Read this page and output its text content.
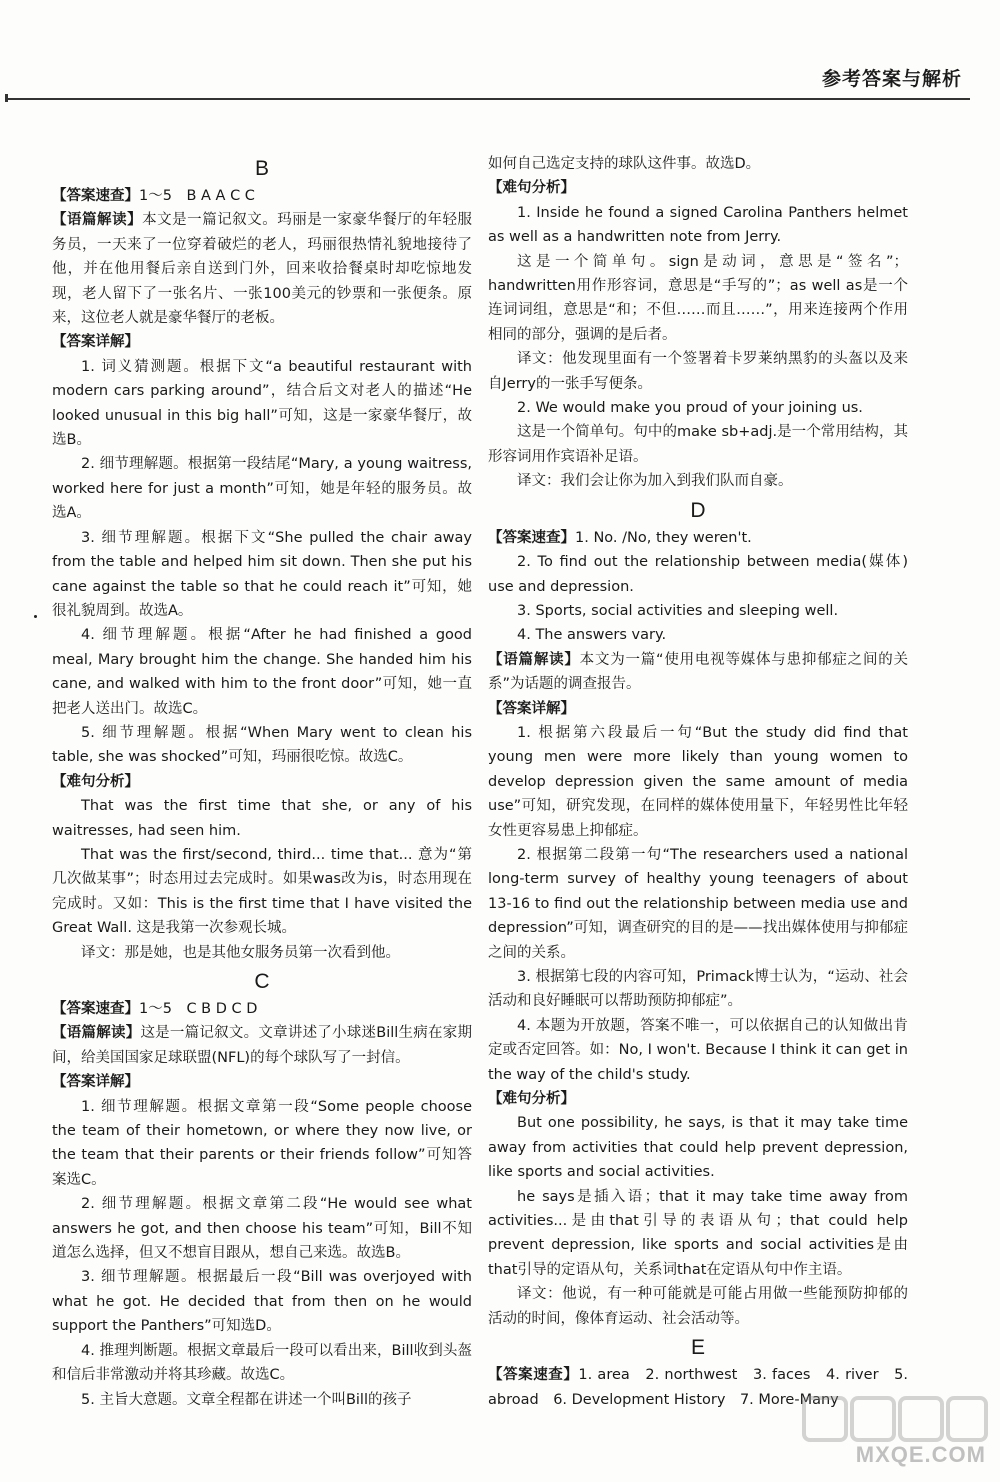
参考答案与解析
B
【答案速查】1～5　B A A C C
【语篇解读】本文是一篇记叙文。玛丽是一家豪华餐厅的年轻服务员，一天来了一位穿着破烂的老人，玛丽很热情礼貌地接待了他，并在他用餐后亲自送到门外，回来收拾餐桌时却吃惊地发现，老人留下了一张名片、一张100美元的钞票和一张便条。原来，这位老人就是豪华餐厅的老板。
【答案详解】
1. 词义猜测题。根据下文“a beautiful restaurant with modern cars parking around”，结合后文对老人的描述“He looked unusual in this big hall”可知，这是一家豪华餐厅，故选B。
2. 细节理解题。根据第一段结尾“Mary, a young waitress, worked here for just a month”可知，她是年轻的服务员。故选A。
3. 细节理解题。根据下文“She pulled the chair away from the table and helped him sit down. Then she put his cane against the table so that he could reach it”可知，她很礼貌周到。故选A。
4. 细节理解题。根据“After he had finished a good meal, Mary brought him the change. She handed him his cane, and walked with him to the front door”可知，她一直把老人送出门。故选C。
5. 细节理解题。根据“When Mary went to clean his table, she was shocked”可知，玛丽很吃惊。故选C。
【难句分析】
That was the first time that she, or any of his waitresses, had seen him.
That was the first/second, third... time that... 意为“第几次做某事”；时态用过去完成时。如果was改为is，时态用现在完成时。又如：This is the first time that I have visited the Great Wall. 这是我第一次参观长城。
译文：那是她，也是其他女服务员第一次看到他。
C
【答案速查】1～5　C B D C D
【语篇解读】这是一篇记叙文。文章讲述了小球迷Bill生病在家期间，给美国国家足球联盟(NFL)的每个球队写了一封信。
【答案详解】
1. 细节理解题。根据文章第一段“Some people choose the team of their hometown, or where they now live, or the team that their parents or their friends follow”可知答案选C。
2. 细节理解题。根据文章第二段“He would see what answers he got, and then choose his team”可知，Bill不知道怎么选择，但又不想盲目跟从，想自己来选。故选B。
3. 细节理解题。根据最后一段“Bill was overjoyed with what he got. He decided that from then on he would support the Panthers”可知选D。
4. 推理判断题。根据文章最后一段可以看出来，Bill收到头盔和信后非常激动并将其珍藏。故选C。
5. 主旨大意题。文章全程都在讲述一个叫Bill的孩子
如何自己选定支持的球队这件事。故选D。
【难句分析】
1. Inside he found a signed Carolina Panthers helmet as well as a handwritten note from Jerry.
这是一个简单句。sign是动词，意思是“签名”；handwritten用作形容词，意思是“手写的”；as well as是一个连词词组，意思是“和；不但……而且……”，用来连接两个作用相同的部分，强调的是后者。
译文：他发现里面有一个签署着卡罗莱纳黑豹的头盔以及来自Jerry的一张手写便条。
2. We would make you proud of your joining us.
这是一个简单句。句中的make sb+adj.是一个常用结构，其形容词用作宾语补足语。
译文：我们会让你为加入到我们队而自豪。
D
【答案速查】1. No. /No, they weren't.
2. To find out the relationship between media(媒体) use and depression.
3. Sports, social activities and sleeping well.
4. The answers vary.
【语篇解读】本文为一篇“使用电视等媒体与患抑郁症之间的关系”为话题的调查报告。
【答案详解】
1. 根据第六段最后一句“But the study did find that young men were more likely than young women to develop depression given the same amount of media use”可知，研究发现，在同样的媒体使用量下，年轻男性比年轻女性更容易患上抑郁症。
2. 根据第二段第一句“The researchers used a national long-term survey of healthy young teenagers of about 13-16 to find out the relationship between media use and depression”可知，调查研究的目的是——找出媒体使用与抑郁症之间的关系。
3. 根据第七段的内容可知，Primack博士认为，“运动、社会活动和良好睡眠可以帮助预防抑郁症”。
4. 本题为开放题，答案不唯一，可以依据自己的认知做出肯定或否定回答。如：No, I won't. Because I think it can get in the way of the child's study.
【难句分析】
But one possibility, he says, is that it may take time away from activities that could help prevent depression, like sports and social activities.
he says是插入语；that it may take time away from activities...是由that引导的表语从句；that could help prevent depression, like sports and social activities是由that引导的定语从句，关系词that在定语从句中作主语。
译文：他说，有一种可能就是可能占用做一些能预防抑郁的活动的时间，像体育运动、社会活动等。
E
【答案速查】1. area　2. northwest　3. faces　4. river　5. abroad　6. Development History　7. More-Many
MXQE.COM
